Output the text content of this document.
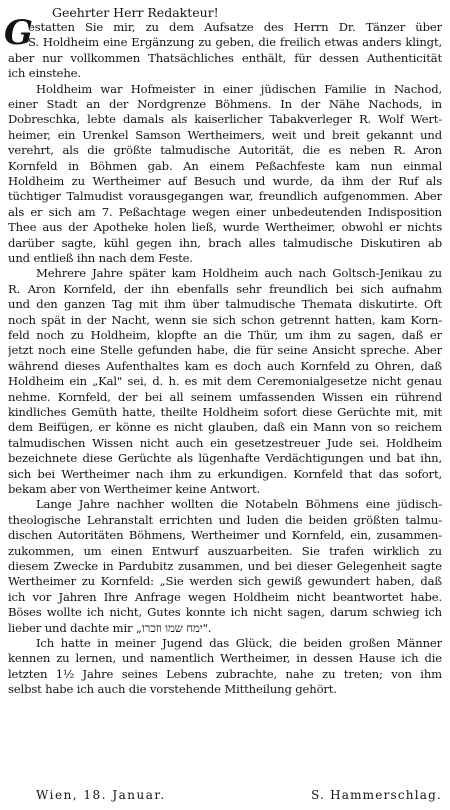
Geehrter Herr Redakteur!
G
estatten Sie mir, zu dem Aufsatze des Herrn Dr. Tänzer über
S. Holdheim eine Ergänzung zu geben, die freilich etwas anders klingt,
aber nur vollkommen Thatsächliches enthält, für dessen Authenticität
ich einstehe.
Holdheim war Hofmeister in einer jüdischen Familie in Nachod,
einer Stadt an der Nordgrenze Böhmens. In der Nähe Nachods, in
Dobreschka, lebte damals als kaiserlicher Tabakverleger R. Wolf Wert-
heimer, ein Urenkel Samson Wertheimers, weit und breit gekannt und
verehrt, als die größte talmudische Autorität, die es neben R. Aron
Kornfeld in Böhmen gab. An einem Peßachfeste kam nun einmal
Holdheim zu Wertheimer auf Besuch und wurde, da ihm der Ruf als
tüchtiger Talmudist vorausgegangen war, freundlich aufgenommen. Aber
als er sich am 7. Peßachtage wegen einer unbedeutenden Indisposition
Thee aus der Apotheke holen ließ, wurde Wertheimer, obwohl er nichts
darüber sagte, kühl gegen ihn, brach alles talmudische Diskutiren ab
und entließ ihn nach dem Feste.
Mehrere Jahre später kam Holdheim auch nach Goltsch-Jenikau zu
R. Aron Kornfeld, der ihn ebenfalls sehr freundlich bei sich aufnahm
und den ganzen Tag mit ihm über talmudische Themata diskutirte. Oft
noch spät in der Nacht, wenn sie sich schon getrennt hatten, kam Korn-
feld noch zu Holdheim, klopfte an die Thür, um ihm zu sagen, daß er
jetzt noch eine Stelle gefunden habe, die für seine Ansicht spreche. Aber
während dieses Aufenthaltes kam es doch auch Kornfeld zu Ohren, daß
Holdheim ein „Kal" sei, d. h. es mit dem Ceremonialgesetze nicht genau
nehme. Kornfeld, der bei all seinem umfassenden Wissen ein rührend
kindliches Gemüth hatte, theilte Holdheim sofort diese Gerüchte mit, mit
dem Beifügen, er könne es nicht glauben, daß ein Mann von so reichem
talmudischen Wissen nicht auch ein gesetzestreuer Jude sei. Holdheim
bezeichnete diese Gerüchte als lügenhafte Verdächtigungen und bat ihn,
sich bei Wertheimer nach ihm zu erkundigen. Kornfeld that das sofort,
bekam aber von Wertheimer keine Antwort.
Lange Jahre nachher wollten die Notabeln Böhmens eine jüdisch-
theologische Lehranstalt errichten und luden die beiden größten talmu-
dischen Autoritäten Böhmens, Wertheimer und Kornfeld, ein, zusammen-
zukommen, um einen Entwurf auszuarbeiten. Sie trafen wirklich zu
diesem Zwecke in Pardubitz zusammen, und bei dieser Gelegenheit sagte
Wertheimer zu Kornfeld: „Sie werden sich gewiß gewundert haben, daß
ich vor Jahren Ihre Anfrage wegen Holdheim nicht beantwortet habe.
Böses wollte ich nicht, Gutes konnte ich nicht sagen, darum schwieg ich
lieber und dachte mir „ימח שמו וזכרו".
Ich hatte in meiner Jugend das Glück, die beiden großen Männer
kennen zu lernen, und namentlich Wertheimer, in dessen Hause ich die
letzten 1½ Jahre seines Lebens zubrachte, nahe zu treten; von ihm
selbst habe ich auch die vorstehende Mittheilung gehört.
Wien, 18. Januar.	S. Hammerschlag.
